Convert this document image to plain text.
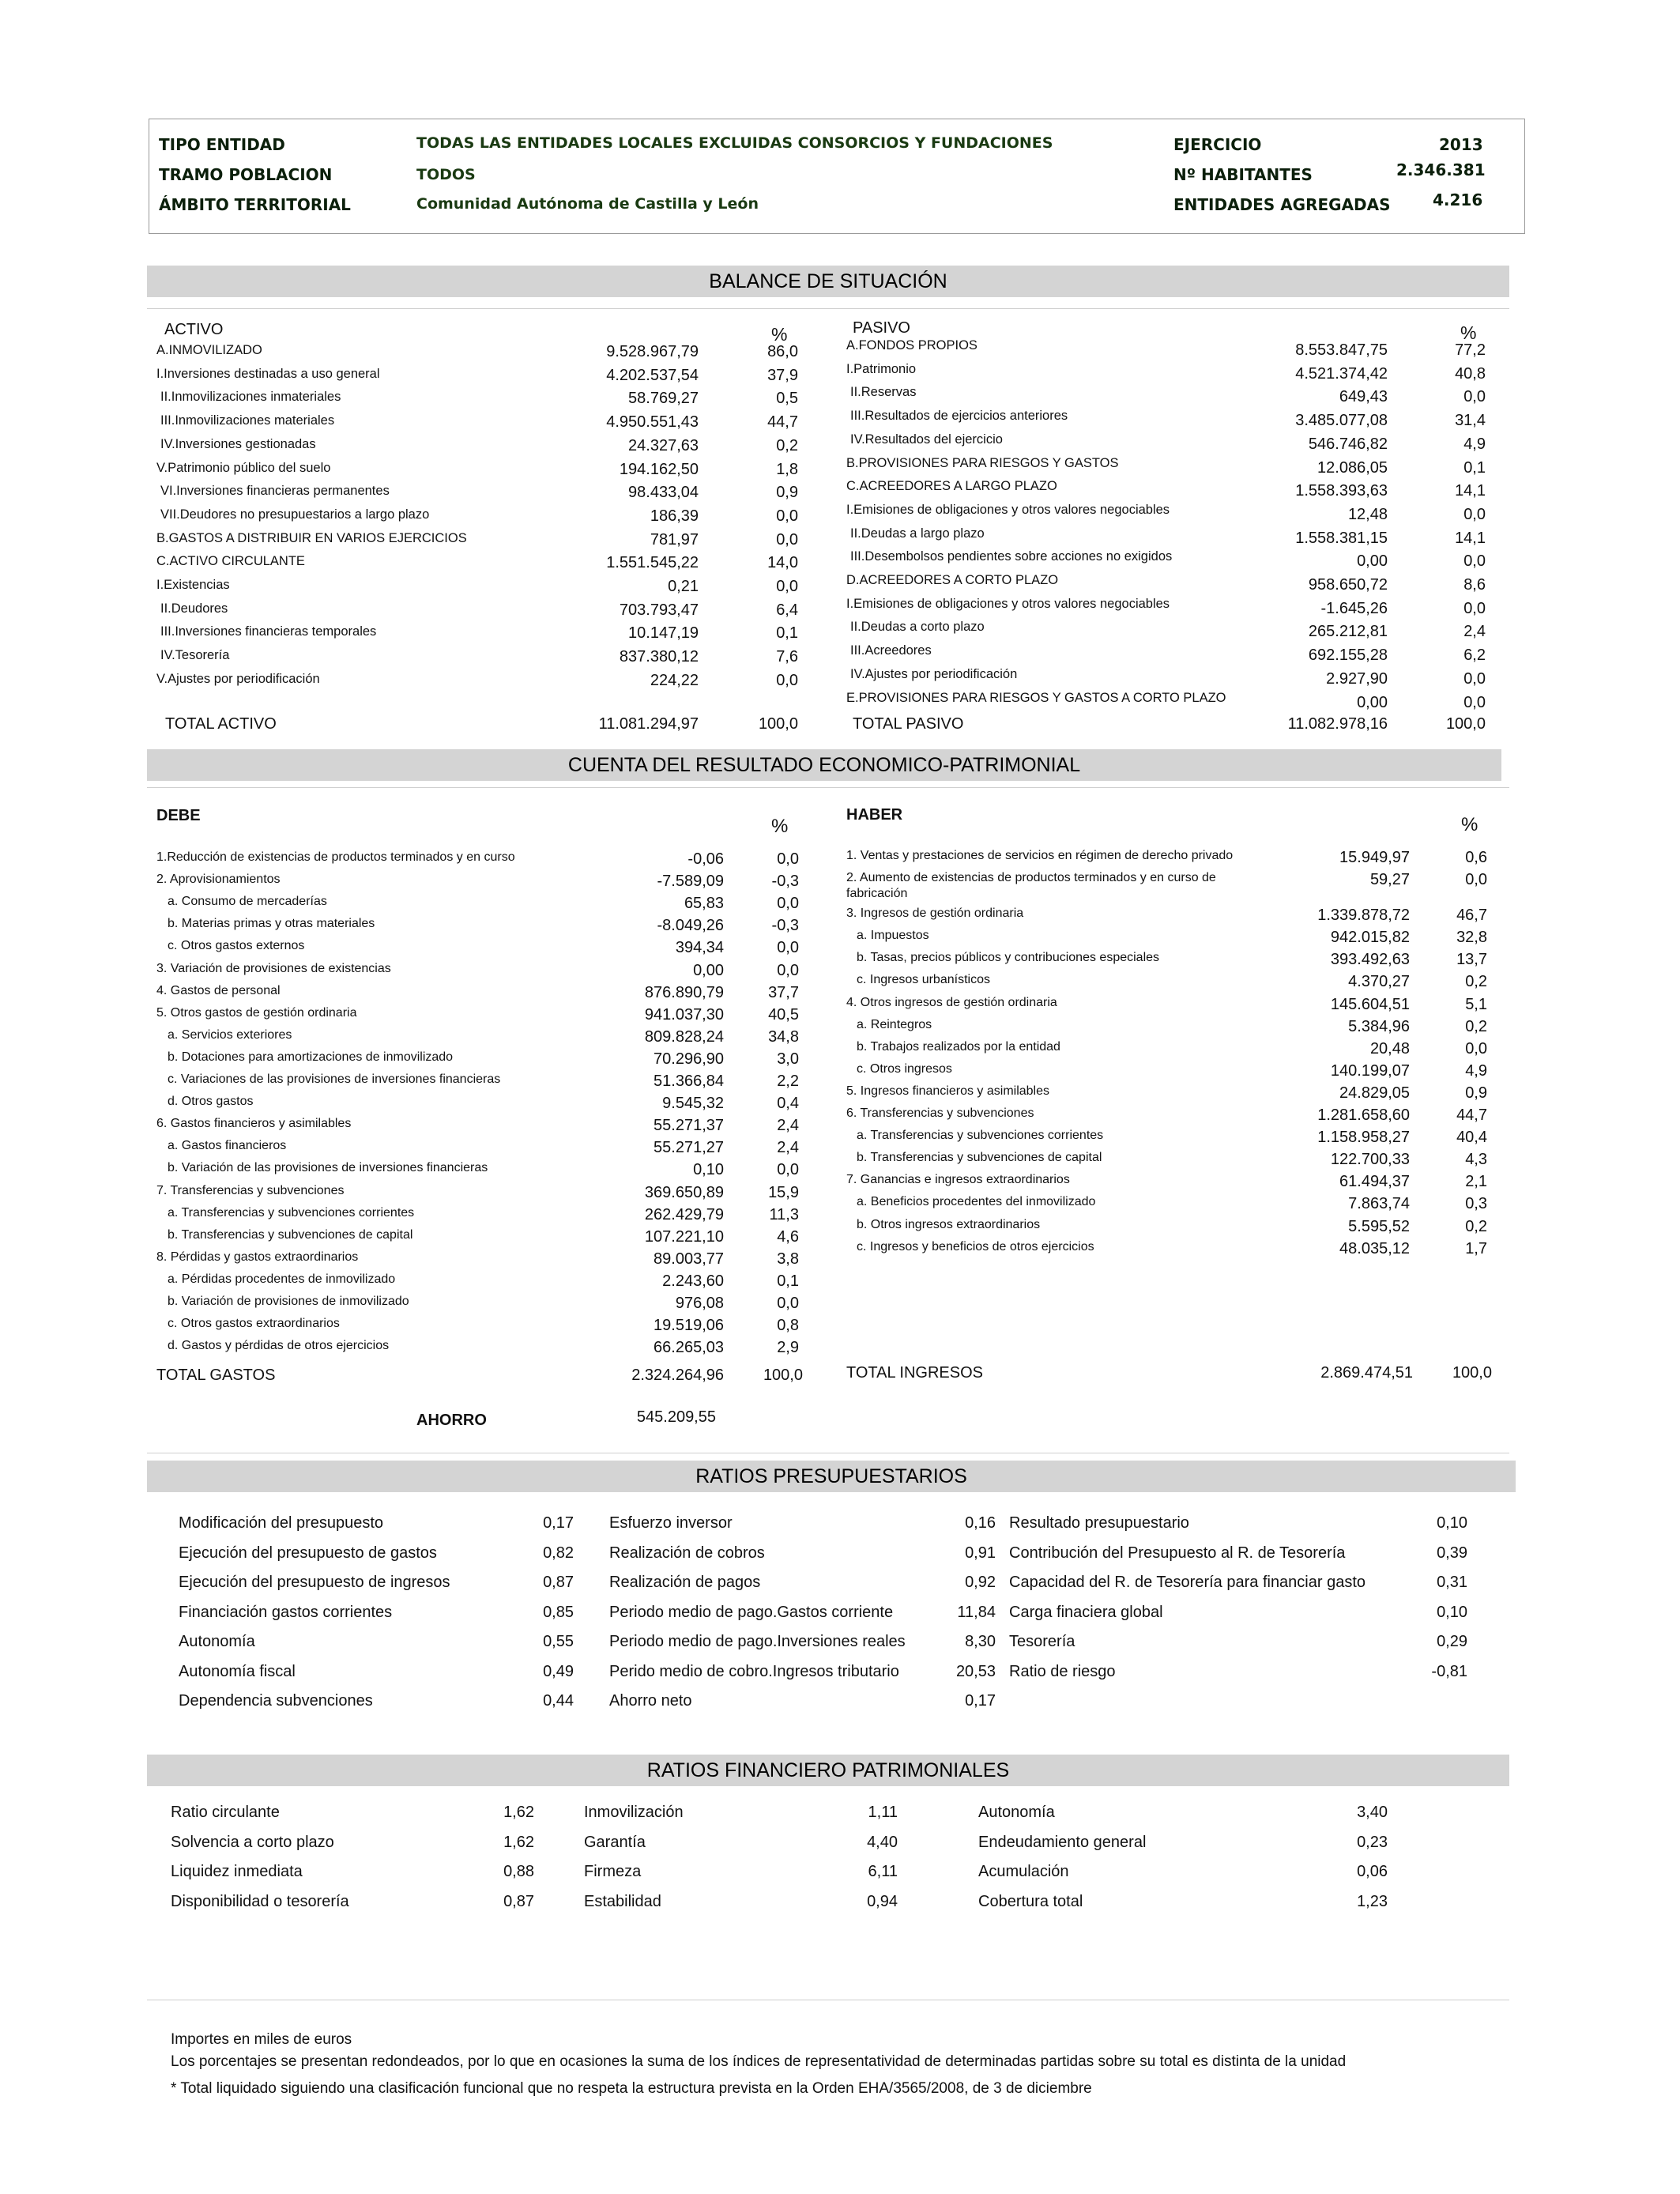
TIPO ENTIDAD	TODAS LAS ENTIDADES LOCALES EXCLUIDAS CONSORCIOS Y FUNDACIONES
TRAMO POBLACION	TODOS
ÁMBITO TERRITORIAL	Comunidad Autónoma de Castilla y León
EJERCICIO	2013
Nº HABITANTES	2.346.381
ENTIDADES AGREGADAS	4.216
BALANCE DE SITUACIÓN
ACTIVO	%	PASIVO	%
A.INMOVILIZADO	9.528.967,79	86,0
I.Inversiones destinadas a uso general	4.202.537,54	37,9
II.Inmovilizaciones inmateriales	58.769,27	0,5
III.Inmovilizaciones materiales	4.950.551,43	44,7
IV.Inversiones gestionadas	24.327,63	0,2
V.Patrimonio público del suelo	194.162,50	1,8
VI.Inversiones financieras permanentes	98.433,04	0,9
VII.Deudores no presupuestarios a largo plazo	186,39	0,0
B.GASTOS A DISTRIBUIR EN VARIOS EJERCICIOS	781,97	0,0
C.ACTIVO CIRCULANTE	1.551.545,22	14,0
I.Existencias	0,21	0,0
II.Deudores	703.793,47	6,4
III.Inversiones financieras temporales	10.147,19	0,1
IV.Tesorería	837.380,12	7,6
V.Ajustes por periodificación	224,22	0,0
A.FONDOS PROPIOS	8.553.847,75	77,2
I.Patrimonio	4.521.374,42	40,8
II.Reservas	649,43	0,0
III.Resultados de ejercicios anteriores	3.485.077,08	31,4
IV.Resultados del ejercicio	546.746,82	4,9
B.PROVISIONES PARA RIESGOS Y GASTOS	12.086,05	0,1
C.ACREEDORES A LARGO PLAZO	1.558.393,63	14,1
I.Emisiones de obligaciones y otros valores negociables	12,48	0,0
II.Deudas a largo plazo	1.558.381,15	14,1
III.Desembolsos pendientes sobre acciones no exigidos	0,00	0,0
D.ACREEDORES A CORTO PLAZO	958.650,72	8,6
I.Emisiones de obligaciones y otros valores negociables	-1.645,26	0,0
II.Deudas a corto plazo	265.212,81	2,4
III.Acreedores	692.155,28	6,2
IV.Ajustes por periodificación	2.927,90	0,0
E.PROVISIONES PARA RIESGOS Y GASTOS A CORTO PLAZO	0,00	0,0
TOTAL ACTIVO	11.081.294,97	100,0	TOTAL PASIVO	11.082.978,16	100,0
CUENTA DEL RESULTADO ECONOMICO-PATRIMONIAL
DEBE	%
HABER	%
1.Reducción de existencias de productos terminados y en curso	-0,06	0,0
2. Aprovisionamientos	-7.589,09	-0,3
a. Consumo de mercaderías	65,83	0,0
b. Materias primas y otras materiales	-8.049,26	-0,3
c. Otros gastos externos	394,34	0,0
3. Variación de provisiones de existencias	0,00	0,0
4. Gastos de personal	876.890,79	37,7
5. Otros gastos de gestión ordinaria	941.037,30	40,5
a. Servicios exteriores	809.828,24	34,8
b. Dotaciones para amortizaciones de inmovilizado	70.296,90	3,0
c. Variaciones de las provisiones de inversiones financieras	51.366,84	2,2
d. Otros gastos	9.545,32	0,4
6. Gastos financieros y asimilables	55.271,37	2,4
a. Gastos financieros	55.271,27	2,4
b. Variación de las provisiones de inversiones financieras	0,10	0,0
7. Transferencias y subvenciones	369.650,89	15,9
a. Transferencias y subvenciones corrientes	262.429,79	11,3
b. Transferencias y subvenciones de capital	107.221,10	4,6
8. Pérdidas y gastos extraordinarios	89.003,77	3,8
a. Pérdidas procedentes de inmovilizado	2.243,60	0,1
b. Variación de provisiones de inmovilizado	976,08	0,0
c. Otros gastos extraordinarios	19.519,06	0,8
d. Gastos y pérdidas de otros ejercicios	66.265,03	2,9
1. Ventas y prestaciones de servicios en régimen de derecho privado	15.949,97	0,6
2. Aumento de existencias de productos terminados y en curso de	59,27	0,0
fabricación
3. Ingresos de gestión ordinaria	1.339.878,72	46,7
a. Impuestos	942.015,82	32,8
b. Tasas, precios públicos y contribuciones especiales	393.492,63	13,7
c. Ingresos urbanísticos	4.370,27	0,2
4. Otros ingresos de gestión ordinaria	145.604,51	5,1
a. Reintegros	5.384,96	0,2
b. Trabajos realizados por la entidad	20,48	0,0
c. Otros ingresos	140.199,07	4,9
5. Ingresos financieros y asimilables	24.829,05	0,9
6. Transferencias y subvenciones	1.281.658,60	44,7
a. Transferencias y subvenciones corrientes	1.158.958,27	40,4
b. Transferencias y subvenciones de capital	122.700,33	4,3
7. Ganancias e ingresos extraordinarios	61.494,37	2,1
a. Beneficios procedentes del inmovilizado	7.863,74	0,3
b. Otros ingresos extraordinarios	5.595,52	0,2
c. Ingresos y beneficios de otros ejercicios	48.035,12	1,7
TOTAL GASTOS	2.324.264,96 100,0	TOTAL INGRESOS	2.869.474,51 100,0
AHORRO	545.209,55
RATIOS PRESUPUESTARIOS
Modificación del presupuesto	0,17
Ejecución del presupuesto de gastos	0,82
Ejecución del presupuesto de ingresos	0,87
Financiación gastos corrientes	0,85
Autonomía	0,55
Autonomía fiscal	0,49
Dependencia subvenciones	0,44
Esfuerzo inversor	0,16
Realización de cobros	0,91
Realización de pagos	0,92
Periodo medio de pago.Gastos corriente	11,84
Periodo medio de pago.Inversiones reales	8,30
Perido medio de cobro.Ingresos tributario	20,53
Ahorro neto	0,17
Resultado presupuestario	0,10
Contribución del Presupuesto al R. de Tesorería	0,39
Capacidad del R. de Tesorería para financiar gasto	0,31
Carga finaciera global	0,10
Tesorería	0,29
Ratio de riesgo	-0,81
RATIOS FINANCIERO PATRIMONIALES
Ratio circulante	1,62
Solvencia a corto plazo	1,62
Liquidez inmediata	0,88
Disponibilidad o tesorería	0,87
Inmovilización	1,11
Garantía	4,40
Firmeza	6,11
Estabilidad	0,94
Autonomía	3,40
Endeudamiento general	0,23
Acumulación	0,06
Cobertura total	1,23
Importes en miles de euros
Los porcentajes se presentan redondeados, por lo que en ocasiones la suma de los índices de representatividad de determinadas partidas sobre su total es distinta de la unidad
* Total liquidado siguiendo una clasificación funcional que no respeta la estructura prevista en la Orden EHA/3565/2008, de 3 de diciembre
